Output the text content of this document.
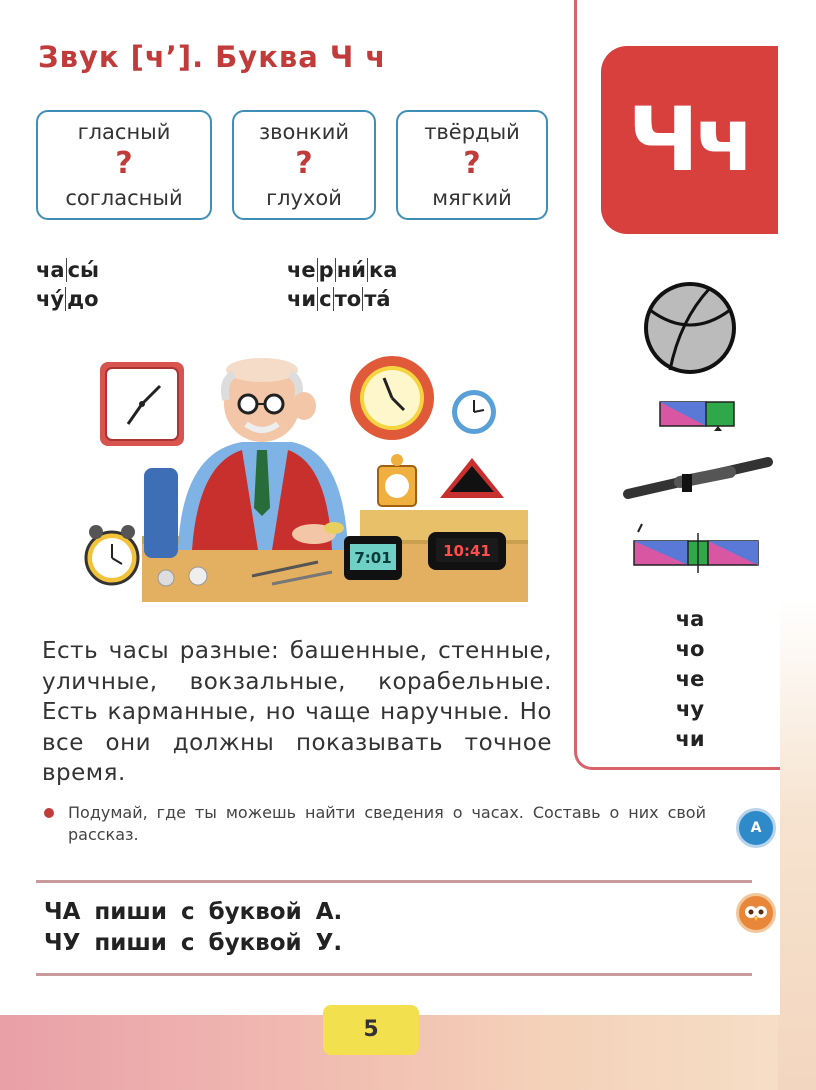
Звук [ч’]. Буква Ч ч
гласный
?
согласный
звонкий
?
глухой
твёрдый
?
мягкий
Чч
ча сы́
чу́ до
че р ни́ ка
чи с то та́
7:01	10:41
ча
чо
че
чу
чи
Есть часы разные: башенные, стенные, уличные, вокзальные, корабельные. Есть карманные, но чаще наручные. Но все они должны показывать точное время.
Подумай, где ты можешь найти сведения о часах. Составь о них свой рассказ.	A
ЧА пиши с буквой А.
ЧУ пиши с буквой У.
5
